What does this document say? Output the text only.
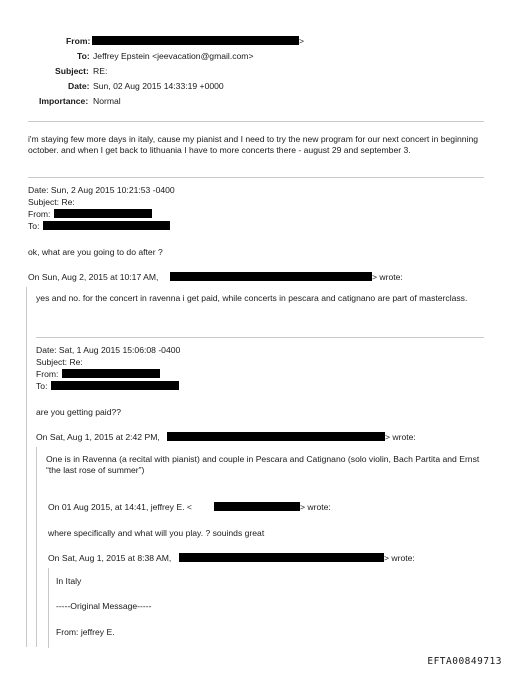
From:	>
To: Jeffrey Epstein <jeevacation@gmail.com>
Subject: RE:
Date: Sun, 02 Aug 2015 14:33:19 +0000
Importance: Normal
i'm staying few more days in italy, cause my pianist and I need to try the new program for our next concert in beginning october. and when I get back to lithuania I have to more concerts there - august 29 and september 3.
Date: Sun, 2 Aug 2015 10:21:53 -0400
Subject: Re:
From:
To:
ok, what are you going to do after ?
On Sun, Aug 2, 2015 at 10:17 AM,	> wrote:
yes and no. for the concert in ravenna i get paid, while concerts in pescara and catignano are part of masterclass.
Date: Sat, 1 Aug 2015 15:06:08 -0400
Subject: Re:
From:
To:
are you getting paid??
On Sat, Aug 1, 2015 at 2:42 PM,	> wrote:
One is in Ravenna (a recital with pianist) and couple in Pescara and Catignano (solo violin, Bach Partita and Ernst “the last rose of summer”)
On 01 Aug 2015, at 14:41, jeffrey E. <	> wrote:
where specifically and what will you play. ? souinds great
On Sat, Aug 1, 2015 at 8:38 AM,	> wrote:
In Italy
-----Original Message-----
From: jeffrey E.
EFTA00849713
